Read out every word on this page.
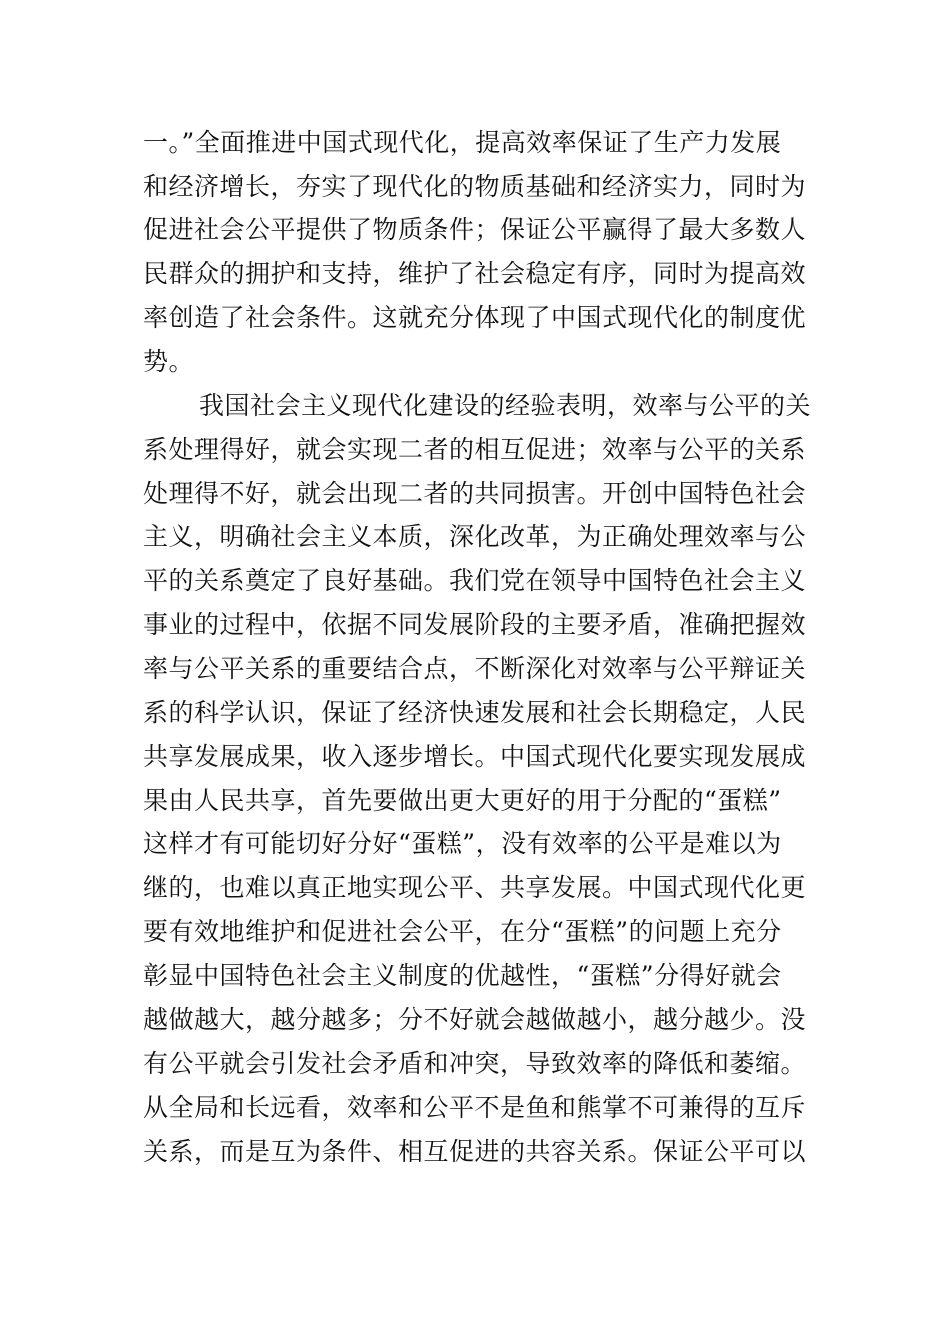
一。”全面推进中国式现代化，提高效率保证了生产力发展
和经济增长，夯实了现代化的物质基础和经济实力，同时为
促进社会公平提供了物质条件；保证公平赢得了最大多数人
民群众的拥护和支持，维护了社会稳定有序，同时为提高效
率创造了社会条件。这就充分体现了中国式现代化的制度优
势。
我国社会主义现代化建设的经验表明，效率与公平的关
系处理得好，就会实现二者的相互促进；效率与公平的关系
处理得不好，就会出现二者的共同损害。开创中国特色社会
主义，明确社会主义本质，深化改革，为正确处理效率与公
平的关系奠定了良好基础。我们党在领导中国特色社会主义
事业的过程中，依据不同发展阶段的主要矛盾，准确把握效
率与公平关系的重要结合点，不断深化对效率与公平辩证关
系的科学认识，保证了经济快速发展和社会长期稳定，人民
共享发展成果，收入逐步增长。中国式现代化要实现发展成
果由人民共享，首先要做出更大更好的用于分配的“蛋糕”
这样才有可能切好分好“蛋糕”，没有效率的公平是难以为
继的，也难以真正地实现公平、共享发展。中国式现代化更
要有效地维护和促进社会公平，在分“蛋糕”的问题上充分
彰显中国特色社会主义制度的优越性，“蛋糕”分得好就会
越做越大，越分越多；分不好就会越做越小，越分越少。没
有公平就会引发社会矛盾和冲突，导致效率的降低和萎缩。
从全局和长远看，效率和公平不是鱼和熊掌不可兼得的互斥
关系，而是互为条件、相互促进的共容关系。保证公平可以
